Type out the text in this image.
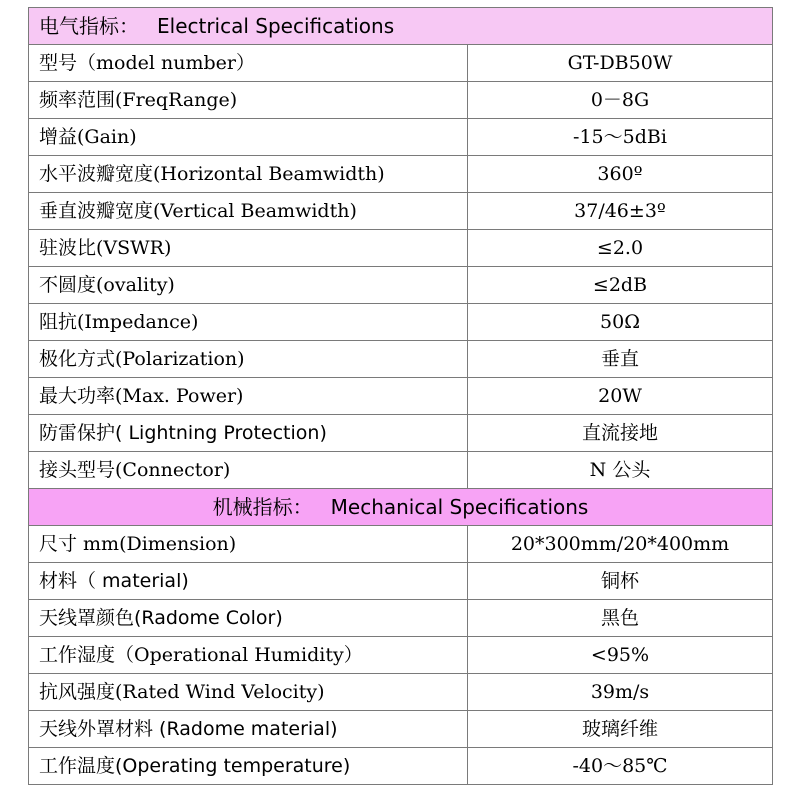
电气指标： Electrical Specifications	
型号（model number）	GT-DB50W
频率范围(FreqRange)	0－8G
增益(Gain)	-15～5dBi
水平波瓣宽度(Horizontal Beamwidth)	360º
垂直波瓣宽度(Vertical Beamwidth)	37/46±3º
驻波比(VSWR)	≤2.0
不圆度(ovality)	≤2dB
阻抗(Impedance)	50Ω
极化方式(Polarization)	垂直
最大功率(Max. Power)	20W
防雷保护( Lightning Protection)	直流接地
接头型号(Connector)	N 公头
机械指标： Mechanical Specifications	
尺寸 mm(Dimension)	20*300mm/20*400mm
材料（ material)	铜杯
天线罩颜色(Radome Color)	黑色
工作湿度（Operational Humidity）	<95%
抗风强度(Rated Wind Velocity)	39m/s
天线外罩材料 (Radome material)	玻璃纤维
工作温度(Operating temperature)	-40～85℃
